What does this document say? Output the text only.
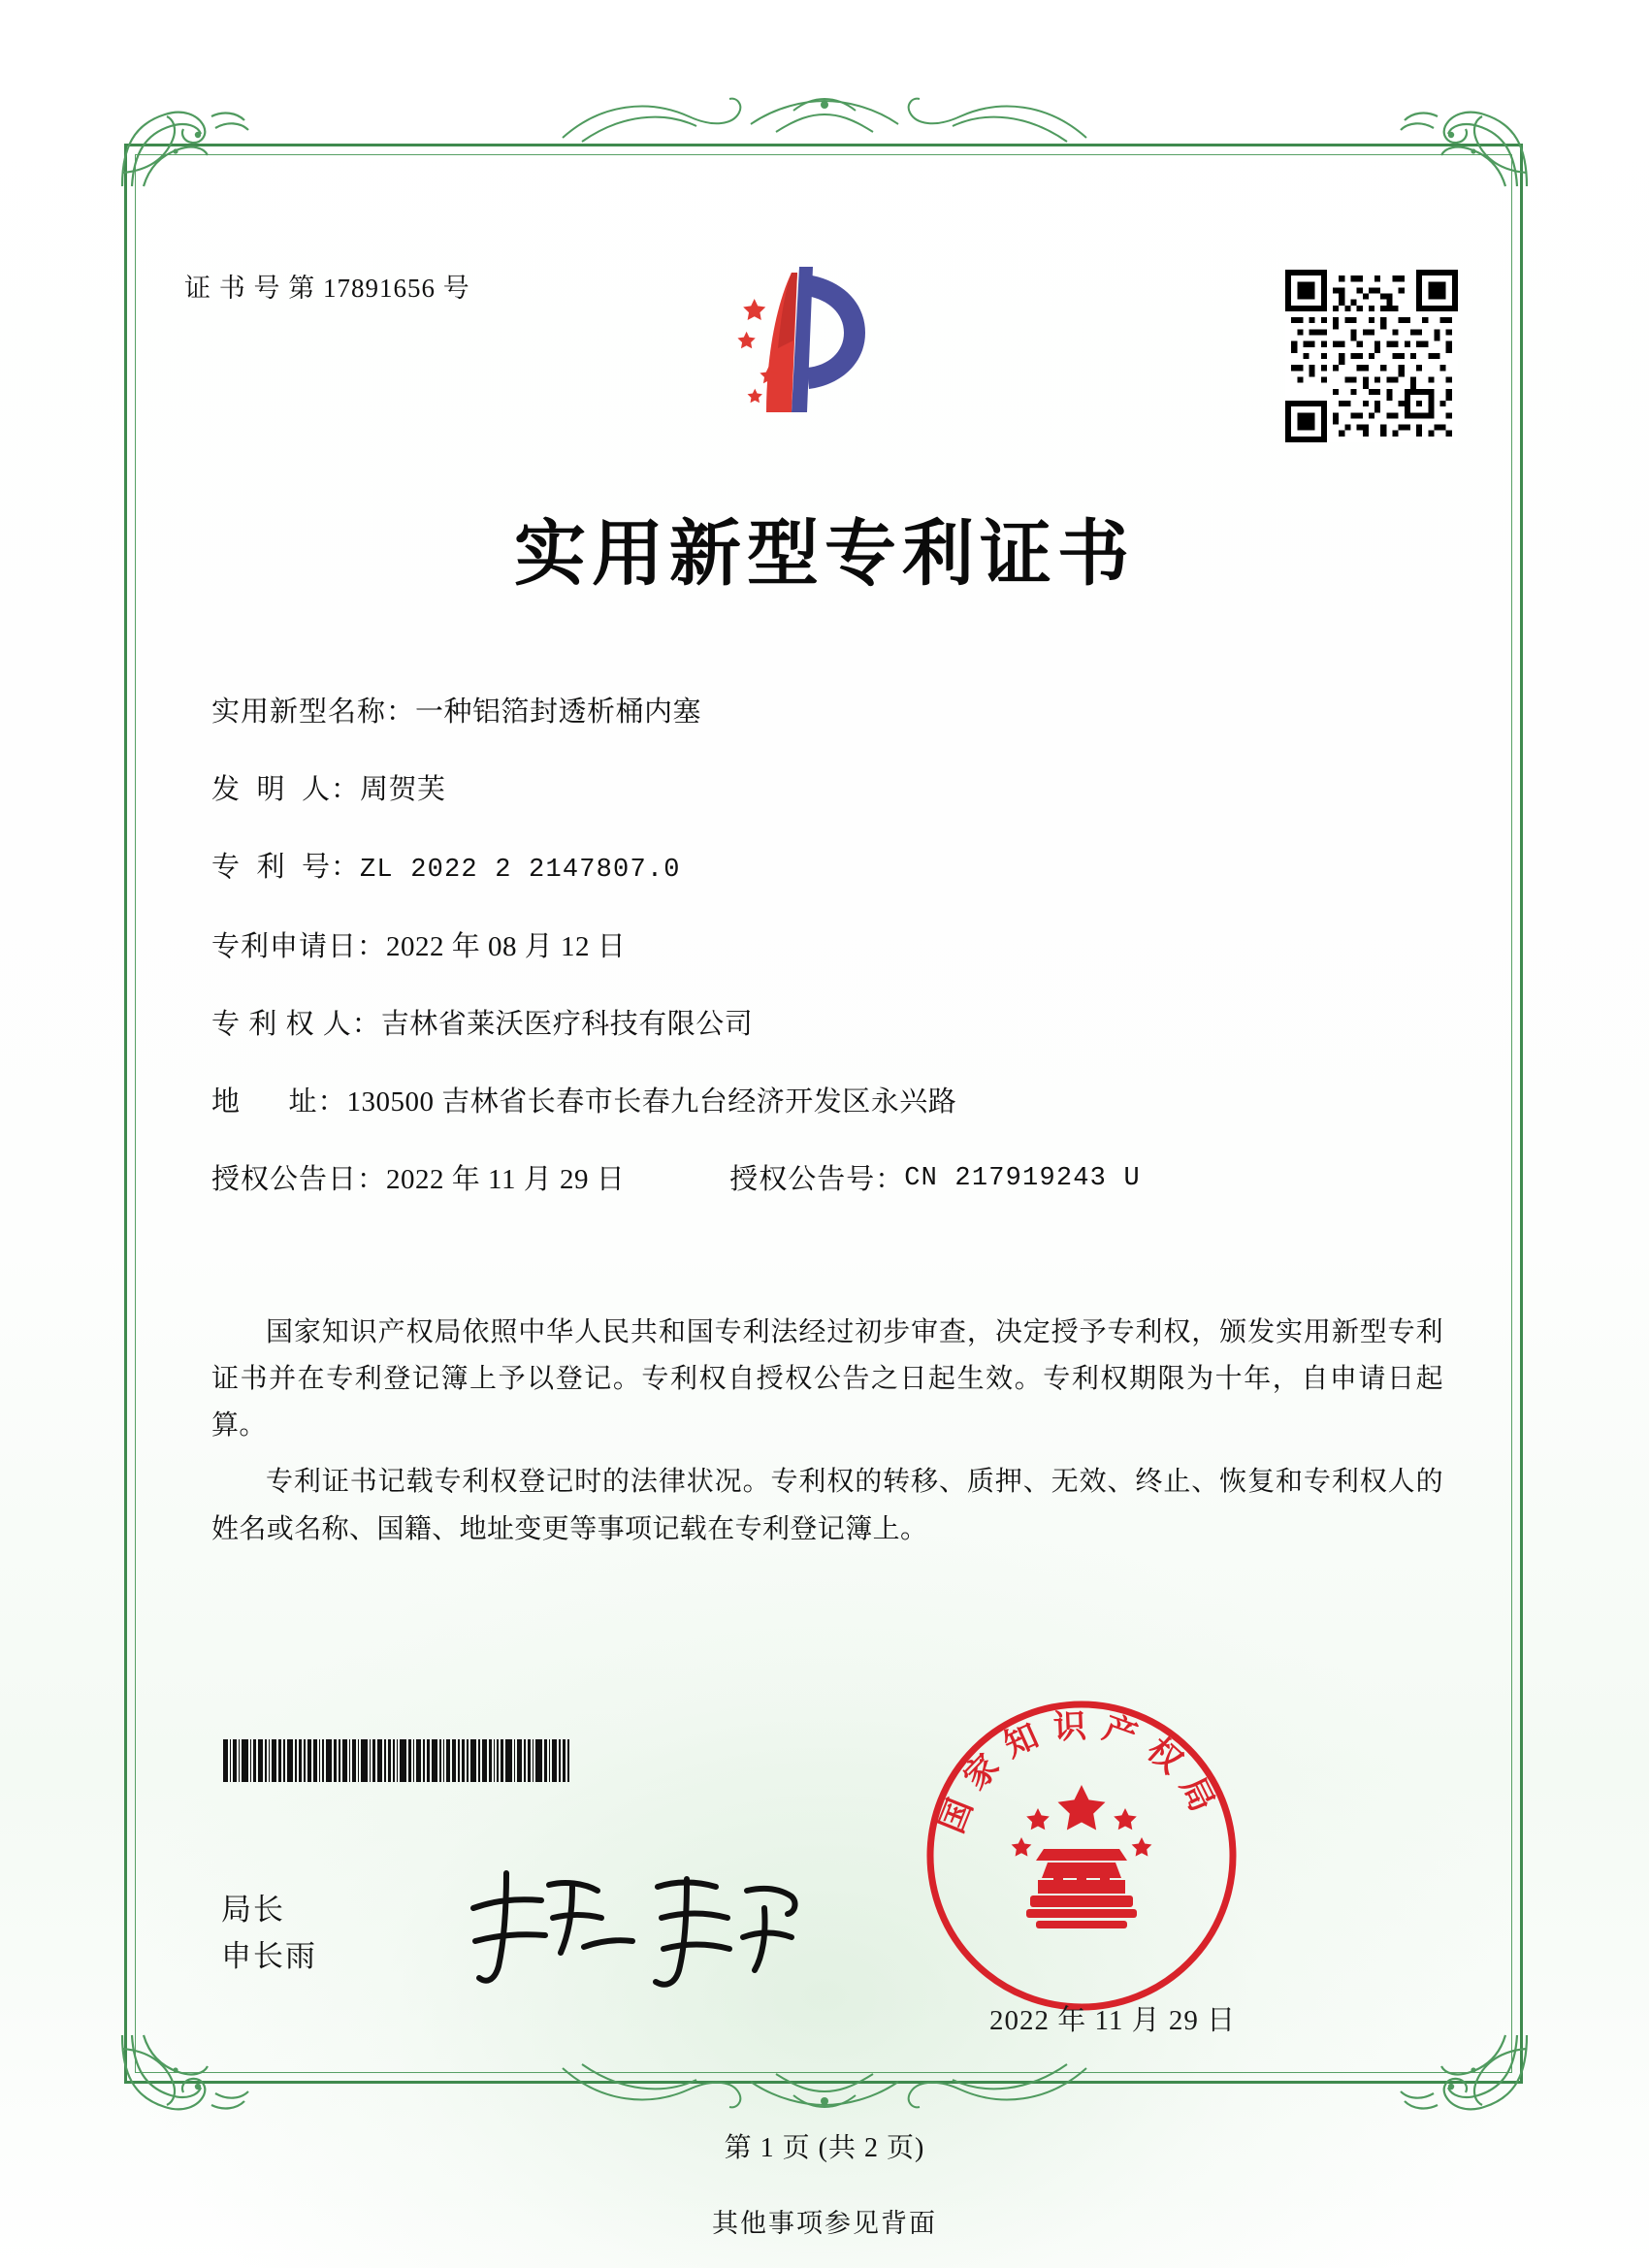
证 书 号 第 17891656 号
实用新型专利证书
实用新型名称： 一种铝箔封透析桶内塞
发  明  人： 周贺芙
专  利  号： ZL 2022 2 2147807.0
专利申请日： 2022 年 08 月 12 日
专 利 权 人： 吉林省莱沃医疗科技有限公司
地      址： 130500 吉林省长春市长春九台经济开发区永兴路
授权公告日： 2022 年 11 月 29 日	授权公告号： CN 217919243 U

国家知识产权局依照中华人民共和国专利法经过初步审查，决定授予专利权，颁发实用新型专利证书并在专利登记簿上予以登记。专利权自授权公告之日起生效。专利权期限为十年，自申请日起算。

专利证书记载专利权登记时的法律状况。专利权的转移、质押、无效、终止、恢复和专利权人的姓名或名称、国籍、地址变更等事项记载在专利登记簿上。

局长
申长雨
国家知识产权局
2022 年 11 月 29 日
第 1 页 (共 2 页)
其他事项参见背面
